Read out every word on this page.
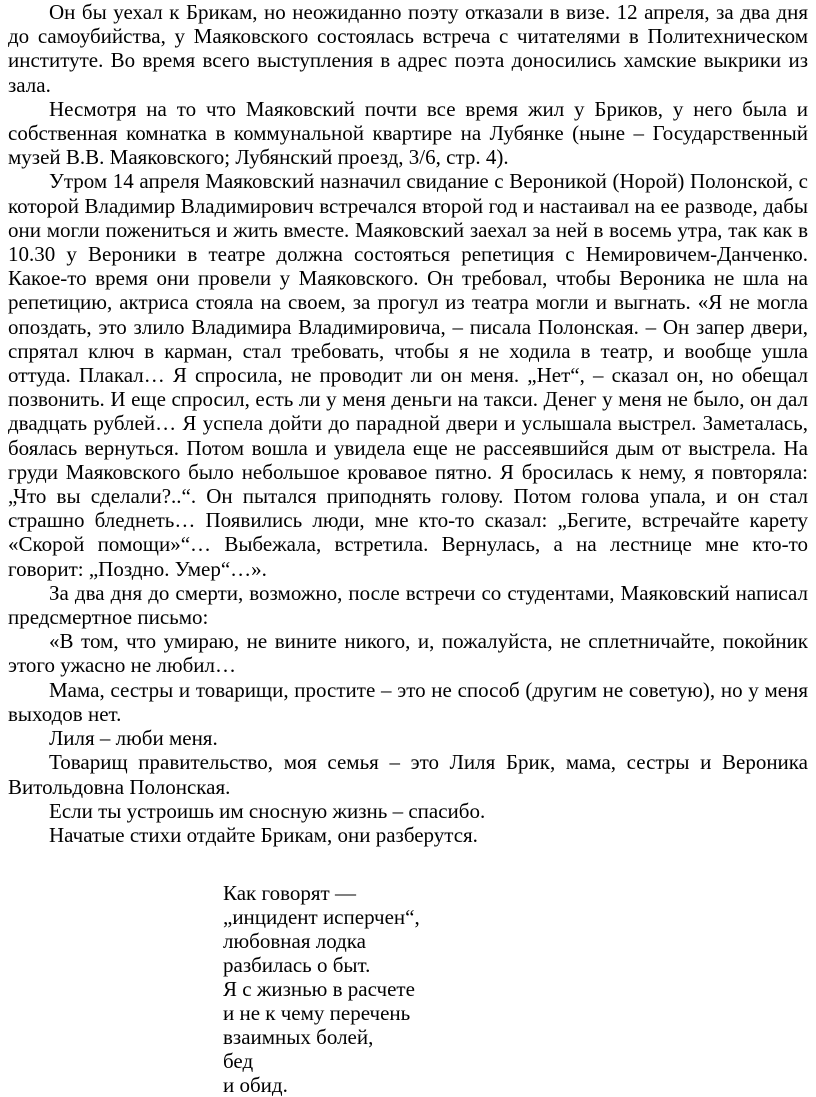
Он бы уехал к Брикам, но неожиданно поэту отказали в визе. 12 апреля, за два дня до самоубийства, у Маяковского состоялась встреча с читателями в Политехническом институте. Во время всего выступления в адрес поэта доносились хамские выкрики из зала.

Несмотря на то что Маяковский почти все время жил у Бриков, у него была и собственная комнатка в коммунальной квартире на Лубянке (ныне – Государственный музей В.В. Маяковского; Лубянский проезд, 3/6, стр. 4).

Утром 14 апреля Маяковский назначил свидание с Вероникой (Норой) Полонской, с которой Владимир Владимирович встречался второй год и настаивал на ее разводе, дабы они могли пожениться и жить вместе. Маяковский заехал за ней в восемь утра, так как в 10.30 у Вероники в театре должна состояться репетиция с Немировичем-Данченко. Какое-то время они провели у Маяковского. Он требовал, чтобы Вероника не шла на репетицию, актриса стояла на своем, за прогул из театра могли и выгнать. «Я не могла опоздать, это злило Владимира Владимировича, – писала Полонская. – Он запер двери, спрятал ключ в карман, стал требовать, чтобы я не ходила в театр, и вообще ушла оттуда. Плакал… Я спросила, не проводит ли он меня. „Нет“, – сказал он, но обещал позвонить. И еще спросил, есть ли у меня деньги на такси. Денег у меня не было, он дал двадцать рублей… Я успела дойти до парадной двери и услышала выстрел. Заметалась, боялась вернуться. Потом вошла и увидела еще не рассеявшийся дым от выстрела. На груди Маяковского было небольшое кровавое пятно. Я бросилась к нему, я повторяла: „Что вы сделали?..“. Он пытался приподнять голову. Потом голова упала, и он стал страшно бледнеть… Появились люди, мне кто-то сказал: „Бегите, встречайте карету «Скорой помощи»“… Выбежала, встретила. Вернулась, а на лестнице мне кто-то говорит: „Поздно. Умер“…».

За два дня до смерти, возможно, после встречи со студентами, Маяковский написал предсмертное письмо:

«В том, что умираю, не вините никого, и, пожалуйста, не сплетничайте, покойник этого ужасно не любил…

Мама, сестры и товарищи, простите – это не способ (другим не советую), но у меня выходов нет.

Лиля – люби меня.

Товарищ правительство, моя семья – это Лиля Брик, мама, сестры и Вероника Витольдовна Полонская.

Если ты устроишь им сносную жизнь – спасибо.

Начатые стихи отдайте Брикам, они разберутся.

Как говорят —

„инцидент исперчен“,

любовная лодка

разбилась о быт.

Я с жизнью в расчете

и не к чему перечень

взаимных болей,

бед

и обид.
